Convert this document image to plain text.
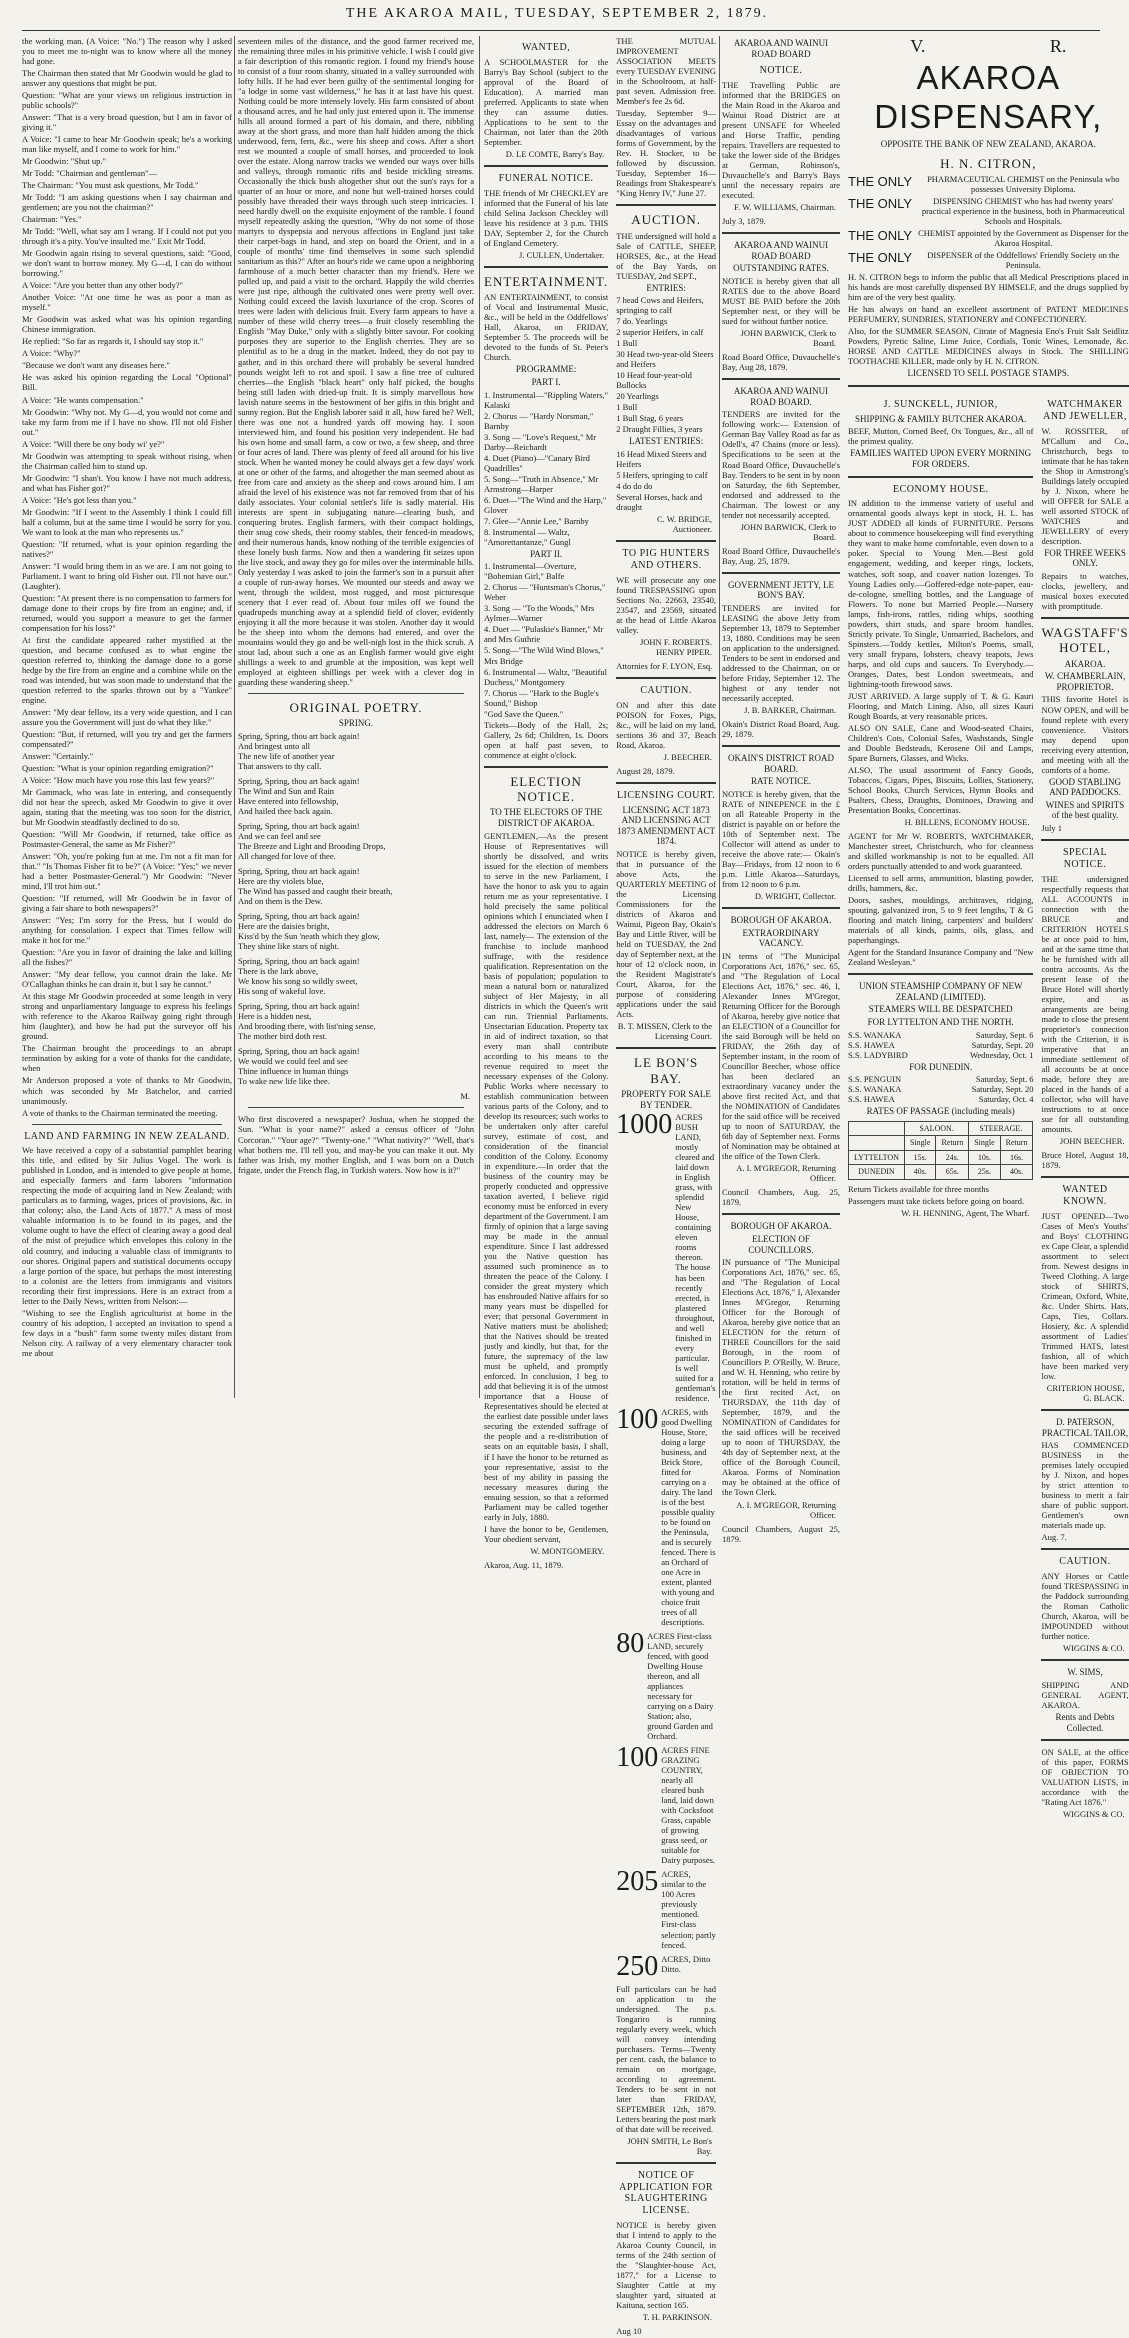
THE AKAROA MAIL, TUESDAY, SEPTEMBER 2, 1879.

the working man. (A Voice: "No.") The reason why I asked you to meet me to-night was to know where all the money had gone.

The Chairman then stated that Mr Goodwin would be glad to answer any questions that might be put.

Question: "What are your views on religious instruction in public schools?"

Answer: "That is a very broad question, but I am in favor of giving it."

A Voice: "I came to hear Mr Goodwin speak; he's a working man like myself, and I come to work for him."

Mr Goodwin: "Shut up."

Mr Todd: "Chairman and gentleman"—

The Chairman: "You must ask questions, Mr Todd."

Mr Todd: "I am asking questions when I say chairman and gentlemen; are you not the chairman?"

Chairman: "Yes."

Mr Todd: "Well, what say am I wrang. If I could not put you through it's a pity. You've insulted me." Exit Mr Todd.

Mr Goodwin again rising to several questions, said: "Good, we don't want to borrow money. My G—d, I can do without borrowing."

A Voice: "Are you better than any other body?"

Another Voice: "At one time he was as poor a man as myself."

Mr Goodwin was asked what was his opinion regarding Chinese immigration.

He replied: "So far as regards it, I should say stop it."

A Voice: "Why?"

"Because we don't want any diseases here."

He was asked his opinion regarding the Local "Optional" Bill.

A Voice: "He wants compensation."

Mr Goodwin: "Why not. My G—d, you would not come and take my farm from me if I have no show. I'll not old Fisher out."

A Voice: "Will there be ony body wi' ye?"

Mr Goodwin was attempting to speak without rising, when the Chairman called him to stand up.

Mr Goodwin: "I shan't. You know I have not much address, and what has Fisher got?"

A Voice: "He's got less than you."

Mr Goodwin: "If I went to the Assembly I think I could fill half a column, but at the same time I would be sorry for you. We want to look at the man who represents us."

Question: "If returned, what is your opinion regarding the natives?"

Answer: "I would bring them in as we are. I am not going to Parliament. I want to bring old Fisher out. I'll not have our." (Laughter).

Question: "At present there is no compensation to farmers for damage done to their crops by fire from an engine; and, if returned, would you support a measure to get the farmer compensation for his loss?"

At first the candidate appeared rather mystified at the question, and became confused as to what engine the question referred to, thinking the damage done to a gorse hedge by the fire from an engine and a combine while on the road was intended, but was soon made to understand that the question referred to the sparks thrown out by a "Yankee" engine.

Answer: "My dear fellow, its a very wide question, and I can assure you the Government will just do what they like."

Question: "But, if returned, will you try and get the farmers compensated?"

Answer: "Certainly."

Question: "What is your opinion regarding emigration?"

A Voice: "How much have you rose this last few years?"

Mr Gammack, who was late in entering, and consequently did not hear the speech, asked Mr Goodwin to give it over again, stating that the meeting was too soon for the district, but Mr Goodwin steadfastly declined to do so.

Question: "Will Mr Goodwin, if returned, take office as Postmaster-General, the same as Mr Fisher?"

Answer: "Oh, you're poking fun at me. I'm not a fit man for that." "Is Thomas Fisher fit to be?" (A Voice: "Yes;" we never had a better Postmaster-General.") Mr Goodwin: "Never mind, I'll trot him out."

Question: "If returned, will Mr Goodwin be in favor of giving a fair share to both newspapers?"

Answer: "Yes; I'm sorry for the Press, but I would do anything for consolation. I expect that Times fellow will make it hot for me."

Question: "Are you in favor of draining the lake and killing all the fishes?"

Answer: "My dear fellow, you cannot drain the lake. Mr O'Callaghan thinks he can drain it, but I say he cannot."

At this stage Mr Goodwin proceeded at some length in very strong and unparliamentary language to express his feelings with reference to the Akaroa Railway going right through him (laughter), and how he had put the surveyor off his ground.

The Chairman brought the proceedings to an abrupt termination by asking for a vote of thanks for the candidate, when

Mr Anderson proposed a vote of thanks to Mr Goodwin, which was seconded by Mr Batchelor, and carried unanimously.

A vote of thanks to the Chairman terminated the meeting.

LAND AND FARMING IN NEW ZEALAND.

We have received a copy of a substantial pamphlet bearing this title, and edited by Sir Julius Vogel. The work is published in London, and is intended to give people at home, and especially farmers and farm laborers "information respecting the mode of acquiring land in New Zealand; with particulars as to farming, wages, prices of provisions, &c. in that colony; also, the Land Acts of 1877." A mass of most valuable information is to be found in its pages, and the volume ought to have the effect of clearing away a good deal of the mist of prejudice which envelopes this colony in the old country, and inducing a valuable class of immigrants to our shores. Original papers and statistical documents occupy a large portion of the space, but perhaps the most interesting to a colonist are the letters from immigrants and visitors recording their first impressions. Here is an extract from a letter to the Daily News, written from Nelson:—

"Wishing to see the English agriculturist at home in the country of his adoption, I accepted an invitation to spend a few days in a "bush" farm some twenty miles distant from Nelson city. A railway of a very elementary character took me about

seventeen miles of the distance, and the good farmer received me, the remaining three miles in his primitive vehicle. I wish I could give a fair description of this romantic region. I found my friend's house to consist of a four room shanty, situated in a valley surrounded with lofty hills. If he had ever been guilty of the sentimental longing for "a lodge in some vast wilderness," he has it at last have his quest. Nothing could be more intensely lovely. His farm consisted of about a thousand acres, and he had only just entered upon it. The immense hills all around formed a part of his domain, and there, nibbling away at the short grass, and more than half hidden among the thick underwood, fern, fern, &c., were his sheep and cows. After a short rest we mounted a couple of small horses, and proceeded to look over the estate. Along narrow tracks we wended our ways over hills and valleys, through romantic rifts and beside trickling streams. Occasionally the thick bush altogether shut out the sun's rays for a quarter of an hour or more, and none but well-trained horses could possibly have threaded their ways through such steep intricacies. I need hardly dwell on the exquisite enjoyment of the ramble. I found myself repeatedly asking the question, "Why do not some of those martyrs to dyspepsia and nervous affections in England just take their carpet-bags in hand, and step on board the Orient, and in a couple of months' time find themselves in some such splendid sanitarium as this?" After an hour's ride we came upon a neighboring farmhouse of a much better character than my friend's. Here we pulled up, and paid a visit to the orchard. Happily the wild cherries were just ripe, although the cultivated ones were pretty well over. Nothing could exceed the lavish luxuriance of the crop. Scores of trees were laden with delicious fruit. Every farm appears to have a number of these wild cherry trees—a fruit closely resembling the English "May Duke," only with a slightly bitter savour. For cooking purposes they are superior to the English cherries. They are so plentiful as to be a drug in the market. Indeed, they do not pay to gather, and in this orchard there will probably be several hundred pounds weight left to rot and spoil. I saw a fine tree of cultured cherries—the English "black heart" only half picked, the boughs being still laden with dried-up fruit. It is simply marvellous how lavish nature seems in the bestowment of her gifts in this bright and sunny region. But the English laborer said it all, how fared he? Well, there was one not a hundred yards off mowing hay. I soon interviewed him, and found his position very independent. He had his own home and small farm, a cow or two, a few sheep, and three or four acres of land. There was plenty of feed all around for his live stock. When he wanted money he could always get a few days' work at one or other of the farms, and altogether the man seemed about as free from care and anxiety as the sheep and cows around him. I am afraid the level of his existence was not far removed from that of his daily associates. Your colonial settler's life is sadly material. His interests are spent in subjugating nature—clearing bush, and conquering brutes. English farmers, with their compact holdings, their snug cow sheds, their roomy stables, their fenced-in meadows, and their numerous hands, know nothing of the terrible exigencies of these lonely bush farms. Now and then a wandering fit seizes upon the live stock, and away they go for miles over the interminable hills. Only yesterday I was asked to join the farmer's son in a pursuit after a couple of run-away horses. We mounted our steeds and away we went, through the wildest, most rugged, and most picturesque scenery that I ever read of. About four miles off we found the quadrupeds munching away at a splendid field of clover, evidently enjoying it all the more because it was stolen. Another day it would be the sheep into whom the demons had entered, and over the mountains would they go and be well-nigh lost in the thick scrub. A stout lad, about such a one as an English farmer would give eight shillings a week to and grumble at the imposition, was kept well employed at eighteen shillings per week with a clever dog in guarding these wandering sheep."

ORIGINAL POETRY.
SPRING.

Spring, Spring, thou art back again!

And bringest unto all

The new life of another year

That answers to thy call.

Spring, Spring, thou art back again!

The Wind and Sun and Rain

Have entered into fellowship,

And hailed thee back again.

Spring, Spring, thou art back again!

And we can feel and see

The Breeze and Light and Brooding Drops,

All changed for love of thee.

Spring, Spring, thou art back again!

Here are thy violets blue,

The Wind has passed and caught their breath,

And on them is the Dew.

Spring, Spring, thou art back again!

Here are the daisies bright,

Kiss'd by the Sun 'neath which they glow,

They shine like stars of night.

Spring, Spring, thou art back again!

There is the lark above,

We know his song so wildly sweet,

His song of wakeful love.

Spring, Spring, thou art back again!

Here is a hidden nest,

And brooding there, with list'ning sense,

The mother bird doth rest.

Spring, Spring, thou art back again!

We would we could feel and see

Thine influence in human things

To wake new life like thee.

M.

Who first discovered a newspaper? Joshua, when he stopped the Sun. "What is your name?" asked a census officer of "John Corcoran." "Your age?" "Twenty-one." "What nativity?" "Well, that's what bothers me. I'll tell you, and may-be you can make it out. My father was Irish, my mother English, and I was born on a Dutch frigate, under the French flag, in Turkish waters. Now how is it?"

WANTED,

A SCHOOLMASTER for the Barry's Bay School (subject to the approval of the Board of Education). A married man preferred. Applicants to state when they can assume duties. Applications to be sent to the Chairman, not later than the 20th September.

D. LE COMTE, Barry's Bay.
FUNERAL NOTICE.

THE friends of Mr CHECKLEY are informed that the Funeral of his late child Selina Jackson Checkley will leave his residence at 3 p.m. THIS DAY, September 2, for the Church of England Cemetery.

J. CULLEN, Undertaker.
ENTERTAINMENT.

AN ENTERTAINMENT, to consist of Vocal and Instrumental Music, &c., will be held in the Oddfellows' Hall, Akaroa, on FRIDAY, September 5. The proceeds will be devoted to the funds of St. Peter's Church.

PROGRAMME:
PART I.

1. Instrumental—"Rippling Waters," Kalaski

2. Chorus — "Hardy Norsman," Barnby

3. Song — "Love's Request," Mr Darby—Reichardt

4. Duet (Piano)—"Canary Bird Quadrilles"

5. Song—"Truth in Absence," Mr Armstrong—Harper

6. Duet—"The Wind and the Harp," Glover

7. Glee—"Annie Lee," Barnby

8. Instrumental — Waltz, "Amorettantanze," Gungl

PART II.

1. Instrumental—Overture, "Bohemian Girl," Balfe

2. Chorus — "Huntsman's Chorus," Weber

3. Song — "To the Woods," Mrs Aylmer—Warner

4. Duet — "Pulaskie's Banner," Mr and Mrs Guthrie

5. Song—"The Wild Wind Blows," Mrs Bridge

6. Instrumental — Waltz, "Beautiful Duchess," Montgomery

7. Chorus — "Hark to the Bugle's Sound," Bishop

"God Save the Queen."

Tickets—Body of the Hall, 2s; Gallery, 2s 6d; Children, 1s. Doors open at half past seven, to commence at eight o'clock.

ELECTION NOTICE.
TO THE ELECTORS OF THE DISTRICT OF AKAROA.

GENTLEMEN,—As the present House of Representatives will shortly be dissolved, and writs issued for the election of members to serve in the new Parliament, I have the honor to ask you to again return me as your representative. I hold precisely the same political opinions which I enunciated when I addressed the electors on March 6 last, namely— The extension of the franchise to include manhood suffrage, with the residence qualification. Representation on the basis of population; population to mean a natural born or naturalized subject of Her Majesty, in all districts in which the Queen's writ can run. Triennial Parliaments. Unsectarian Education. Property tax in aid of indirect taxation, so that every man shall contribute according to his means to the revenue required to meet the necessary expenses of the Colony. Public Works where necessary to establish communication between various parts of the Colony, and to develop its resources; such works to be undertaken only after careful survey, estimate of cost, and consideration of the financial condition of the Colony. Economy in expenditure.—In order that the business of the country may be properly conducted and oppressive taxation averted, I believe rigid economy must be enforced in every department of the Government. I am firmly of opinion that a large saving may be made in the annual expenditure. Since I last addressed you the Native question has assumed such prominence as to threaten the peace of the Colony. I consider the great mystery which has enshrouded Native affairs for so many years must be dispelled for ever; that personal Government in Native matters must be abolished; that the Natives should be treated justly and kindly, but that, for the future, the supremacy of the law must be upheld, and promptly enforced. In conclusion, I beg to add that believing it is of the utmost importance that a House of Representatives should be elected at the earliest date possible under laws securing the extended suffrage of the people and a re-distribution of seats on an equitable basis, I shall, if I have the honor to be returned as your representative, assist to the best of my ability in passing the necessary measures during the ensuing session, so that a reformed Parliament may be called together early in July, 1880.

I have the honor to be, Gentlemen, Your obedient servant,

W. MONTGOMERY.

Akaroa, Aug. 11, 1879.

THE MUTUAL IMPROVEMENT ASSOCIATION MEETS every TUESDAY EVENING in the Schoolroom, at half-past seven. Admission free. Member's fee 2s 6d.

Tuesday, September 9—Essay on the advantages and disadvantages of various forms of Government, by the Rev. H. Stocker, to be followed by discussion. Tuesday, September 16—Readings from Shakespeare's "King Henry IV," June 27.

AUCTION.

THE undersigned will hold a Sale of CATTLE, SHEEP, HORSES, &c., at the Head of the Bay Yards, on TUESDAY, 2nd SEPT.,

ENTRIES:

7 head Cows and Heifers, springing to calf

7 do. Yearlings

2 superior Heifers, in calf

1 Bull

30 Head two-year-old Steers and Heifers

10 Head four-year-old Bullocks

20 Yearlings

1 Bull

1 Bull Stag, 6 years

2 Draught Fillies, 3 years

LATEST ENTRIES:

16 Head Mixed Steers and Heifers

5 Heifers, springing to calf

4 do do do

Several Horses, hack and draught

C. W. BRIDGE, Auctioneer.
TO PIG HUNTERS AND OTHERS.

WE will prosecute any one found TRESPASSING upon Sections No. 22663, 23540, 23547, and 23569, situated at the head of Little Akaroa valley.

JOHN F. ROBERTS. HENRY PIPER.

Attornies for F. LYON, Esq.

CAUTION.

ON and after this date POISON for Foxes, Pigs, &c., will be laid on my land, sections 36 and 37, Beach Road, Akaroa.

J. BEECHER.

August 28, 1879.

LICENSING COURT.
LICENSING ACT 1873 AND LICENSING ACT 1873 AMENDMENT ACT 1874.

NOTICE is hereby given, that in pursuance of the above Acts, the QUARTERLY MEETING of the Licensing Commissioners for the districts of Akaroa and Wainui, Pigeon Bay, Okain's Bay and Little River, will be held on TUESDAY, the 2nd day of September next, at the hour of 12 o'clock noon, in the Resident Magistrate's Court, Akaroa, for the purpose of considering applications under the said Acts.

B. T. MISSEN, Clerk to the Licensing Court.
LE BON'S BAY.
PROPERTY FOR SALE BY TENDER.
1000 ACRES BUSH LAND, mostly cleared and laid down in English grass, with splendid New House, containing eleven rooms thereon. The house has been recently erected, is plastered throughout, and well finished in every particular. Is well suited for a gentleman's residence.
100 ACRES, with good Dwelling House, Store, doing a large business, and Brick Store, fitted for carrying on a dairy. The land is of the best possible quality to be found on the Peninsula, and is securely fenced. There is an Orchard of one Acre in extent, planted with young and choice fruit trees of all descriptions.
80 ACRES First-class LAND, securely fenced, with good Dwelling House thereon, and all appliances necessary for carrying on a Dairy Station; also, ground Garden and Orchard.
100 ACRES FINE GRAZING COUNTRY, nearly all cleared bush land, laid down with Cocksfoot Grass, capable of growing grass seed, or suitable for Dairy purposes.
205 ACRES, similar to the 100 Acres previously mentioned. First-class selection; partly fenced.
250 ACRES, Ditto Ditto.

Full particulars can be had on application to the undersigned. The p.s. Tongariro is running regularly every week, which will convey intending purchasers. Terms—Twenty per cent. cash, the balance to remain on mortgage, according to agreement. Tenders to be sent in not later than FRIDAY, SEPTEMBER 12th, 1879. Letters bearing the post mark of that date will be received.

JOHN SMITH, Le Bon's Bay.
NOTICE OF APPLICATION FOR SLAUGHTERING LICENSE.

NOTICE is hereby given that I intend to apply to the Akaroa County Council, in terms of the 24th section of the "Slaughter-house Act, 1877," for a License to Slaughter Cattle at my slaughter yard, situated at Kaituna, section 165.

T. H. PARKINSON.

Aug 10

AKAROA AND WAINUI ROAD BOARD
NOTICE.

THE Travelling Public are informed that the BRIDGES on the Main Road in the Akaroa and Wainui Road District are at present UNSAFE for Wheeled and Horse Traffic, pending repairs. Travellers are requested to take the lower side of the Bridges at German, Robinson's, Duvauchelle's and Barry's Bays until the necessary repairs are executed.

F. W. WILLIAMS, Chairman.

July 3, 1879.

AKAROA AND WAINUI ROAD BOARD
OUTSTANDING RATES.

NOTICE is hereby given that all RATES due to the above Board MUST BE PAID before the 20th September next, or they will be sued for without further notice.

JOHN BARWICK, Clerk to Board.

Road Board Office, Duvauchelle's Bay, Aug 28, 1879.

AKAROA AND WAINUI ROAD BOARD.

TENDERS are invited for the following work:— Extension of German Bay Valley Road as far as Odell's, 47 Chains (more or less). Specifications to be seen at the Road Board Office, Duvauchelle's Bay. Tenders to be sent in by noon on Saturday, the 6th September, endorsed and addressed to the Chairman. The lowest or any tender not necessarily accepted.

JOHN BARWICK, Clerk to Board.

Road Board Office, Duvauchelle's Bay, Aug. 25, 1879.

GOVERNMENT JETTY, LE BON'S BAY.

TENDERS are invited for LEASING the above Jetty from September 13, 1879 to September 13, 1880. Conditions may be seen on application to the undersigned. Tenders to be sent in endorsed and addressed to the Chairman, on or before Friday, September 12. The highest or any tender not necessarily accepted.

J. B. BARKER, Chairman.

Okain's District Road Board, Aug. 29, 1879.

OKAIN'S DISTRICT ROAD BOARD.
RATE NOTICE.

NOTICE is hereby given, that the RATE of NINEPENCE in the £ on all Rateable Property in the district is payable on or before the 10th of September next. The Collector will attend as under to receive the above rate:— Okain's Bay—Fridays, from 12 noon to 6 p.m. Little Akaroa—Saturdays, from 12 noon to 6 p.m.

D. WRIGHT, Collector.
BOROUGH OF AKAROA.
EXTRAORDINARY VACANCY.

IN terms of "The Municipal Corporations Act, 1876," sec. 65, and "The Regulation of Local Elections Act, 1876," sec. 46, I, Alexander Innes M'Gregor, Returning Officer for the Borough of Akaroa, hereby give notice that an ELECTION of a Councillor for the said Borough will be held on FRIDAY, the 26th day of September instant, in the room of Councillor Beecher, whose office has been declared an extraordinary vacancy under the above first recited Act, and that the NOMINATION of Candidates for the said office will be received up to noon of SATURDAY, the 6th day of September next. Forms of Nomination may be obtained at the office of the Town Clerk.

A. I. M'GREGOR, Returning Officer.

Council Chambers, Aug. 25, 1879.

BOROUGH OF AKAROA.
ELECTION OF COUNCILLORS.

IN pursuance of "The Municipal Corporations Act, 1876," sec. 65, and "The Regulation of Local Elections Act, 1876," I, Alexander Innes M'Gregor, Returning Officer for the Borough of Akaroa, hereby give notice that an ELECTION for the return of THREE Councillors for the said Borough, in the room of Councillors P. O'Reilly, W. Bruce, and W. H. Henning, who retire by rotation, will be held in terms of the first recited Act, on THURSDAY, the 11th day of September, 1879, and the NOMINATION of Candidates for the said offices will be received up to noon of THURSDAY, the 4th day of September next, at the office of the Borough Council, Akaroa. Forms of Nomination may be obtained at the office of the Town Clerk.

A. I. M'GREGOR, Returning Officer.

Council Chambers, August 25, 1879.

V.	R.
AKAROA DISPENSARY,
OPPOSITE THE BANK OF NEW ZEALAND, AKAROA.
H. N. CITRON,
THE ONLY	PHARMACEUTICAL CHEMIST on the Peninsula who possesses University Diploma.
THE ONLY	DISPENSING CHEMIST who has had twenty years' practical experience in the business, both in Pharmaceutical Schools and Hospitals.
THE ONLY CHEMIST appointed by the Government as Dispenser for the Akaroa Hospital.
THE ONLY	DISPENSER of the Oddfellows' Friendly Society on the Peninsula.

H. N. CITRON begs to inform the public that all Medical Prescriptions placed in his hands are most carefully dispensed BY HIMSELF, and the drugs supplied by him are of the very best quality.

He has always on hand an excellent assortment of PATENT MEDICINES PERFUMERY, SUNDRIES, STATIONERY and CONFECTIONERY.

Also, for the SUMMER SEASON, Citrate of Magnesia Eno's Fruit Salt Seidlitz Powders, Pyretic Saline, Lime Juice, Cordials, Tonic Wines, Lemonade, &c. HORSE AND CATTLE MEDICINES always in Stock. The SHILLING TOOTHACHE KILLER, made only by H. N. CITRON.

LICENSED TO SELL POSTAGE STAMPS.
J. SUNCKELL, JUNIOR,
SHIPPING & FAMILY BUTCHER AKAROA.

BEEF, Mutton, Corned Beef, Ox Tongues, &c., all of the primest quality.

FAMILIES WAITED UPON EVERY MORNING FOR ORDERS.
ECONOMY HOUSE.

IN addition to the immense variety of useful and ornamental goods always kept in stock, H. L. has JUST ADDED all kinds of FURNITURE. Persons about to commence housekeeping will find everything they want to make home comfortable, even down to a poker. Special to Young Men.—Best gold engagement, wedding, and keeper rings, lockets, watches, soft soap, and coaver nation lozenges. To Young Ladies only.—Goffered-edge note-paper, eau-de-cologne, smelling bottles, and the Language of Flowers. To none but Married People.—Nursery lamps, fish-irons, rattles, riding whips, soothing powders, shirt studs, and spare broom handles. Strictly private. To Single, Unmarried, Bachelors, and Spinsters.—Toddy kettles, Milton's Poems, small, very small frypans, lobsters, cheavy teapots, Jews harps, and old cups and saucers. To Everybody.—Oranges, Dates, best London sweetmeats, and lightning-tooth firewood saws.

JUST ARRIVED. A large supply of T. & G. Kauri Flooring, and Match Lining. Also, all sizes Kauri Rough Boards, at very reasonable prices.

ALSO ON SALE, Cane and Wood-seated Chairs, Children's Cots, Colonial Safes, Washstands, Single and Double Bedsteads, Kerosene Oil and Lamps, Spare Burners, Glasses, and Wicks.

ALSO, The usual assortment of Fancy Goods, Tobaccos, Cigars, Pipes, Biscuits, Lollies, Stationery, School Books, Church Services, Hymn Books and Psalters, Chess, Draughts, Dominoes, Drawing and Presentation Books, Concertinas.

H. BILLENS, ECONOMY HOUSE.

AGENT for Mr W. ROBERTS, WATCHMAKER, Manchester street, Christchurch, who for cleanness and skilled workmanship is not to be equalled. All orders punctually attended to and work guaranteed.

Licensed to sell arms, ammunition, blasting powder, drills, hammers, &c.

Doors, sashes, mouldings, architraves, ridging, spouting, galvanized iron, 5 to 9 feet lengths, T & G flooring and match lining, carpenters' and builders' materials of all kinds, paints, oils, glass, and paperhangings.

Agent for the Standard Insurance Company and "New Zealand Wesleyan."

UNION STEAMSHIP COMPANY OF NEW ZEALAND (LIMITED).
STEAMERS WILL BE DESPATCHED
FOR LYTTELTON AND THE NORTH.
S.S. WANAKA	Saturday, Sept. 6
S.S. HAWEA	Saturday, Sept. 20
S.S. LADYBIRD	Wednesday, Oct. 1
FOR DUNEDIN.
S.S. PENGUIN	Saturday, Sept. 6
S.S. WANAKA	Saturday, Sept. 20
S.S. HAWEA	Saturday, Oct. 4
RATES OF PASSAGE (including meals)
	SALOON.		STEERAGE.	
	Single	Return	Single	Return
LYTTELTON	15s.	24s.	10s.	16s.
DUNEDIN	40s.	65s.	25s.	40s.

Return Tickets available for three months

Passengers must take tickets before going on board.

W. H. HENNING, Agent, The Wharf.
WATCHMAKER AND JEWELLER,

W. ROSSITER, of M'Callum and Co., Christchurch, begs to intimate that he has taken the Shop in Armstrong's Buildings lately occupied by J. Nixon, where he will OFFER for SALE a well assorted STOCK of WATCHES and JEWELLERY of every description.

FOR THREE WEEKS ONLY.

Repairs to watches, clocks, jewellery, and musical boxes executed with promptitude.

WAGSTAFF'S HOTEL,
AKAROA.
W. CHAMBERLAIN, PROPRIETOR.

THIS favorite Hotel is NOW OPEN, and will be found replete with every convenience. Visitors may depend upon receiving every attention, and meeting with all the comforts of a home.

GOOD STABLING AND PADDOCKS.
WINES and SPIRITS of the best quality.

July 1

SPECIAL NOTICE.

THE undersigned respectfully requests that ALL ACCOUNTS in connection with the BRUCE and CRITERION HOTELS be at once paid to him, and at the same time that he be furnished with all contra accounts. As the present lease of the Bruce Hotel will shortly expire, and as arrangements are being made to close the present proprietor's connection with the Criterion, it is imperative that an immediate settlement of all accounts be at once made, before they are placed in the hands of a collector, who will have instructions to at once sue for all outstanding amounts.

JOHN BEECHER.

Bruce Hotel, August 18, 1879.

WANTED KNOWN.

JUST OPENED—Two Cases of Men's Youths' and Boys' CLOTHING ex Cape Clear, a splendid assortment to select from. Newest designs in Tweed Clothing. A large stock of SHIRTS, Crimean, Oxford, White, &c. Under Shirts. Hats, Caps, Ties, Collars. Hosiery, &c. A splendid assortment of Ladies' Trimmed HATS, latest fashion, all of which have been marked very low.

CRITERION HOUSE, G. BLACK.
D. PATERSON, PRACTICAL TAILOR,

HAS COMMENCED BUSINESS in the premises lately occupied by J. Nixon, and hopes by strict attention to business to merit a fair share of public support. Gentlemen's own materials made up.

Aug. 7.

CAUTION.

ANY Horses or Cattle found TRESPASSING in the Paddock surrounding the Roman Catholic Church, Akaroa, will be IMPOUNDED without further notice.

WIGGINS & CO.
W. SIMS,

SHIPPING AND GENERAL AGENT, AKAROA.

Rents and Debts Collected.

ON SALE, at the office of this paper, FORMS OF OBJECTION TO VALUATION LISTS, in accordance with the "Rating Act 1876."

WIGGINS & CO.
